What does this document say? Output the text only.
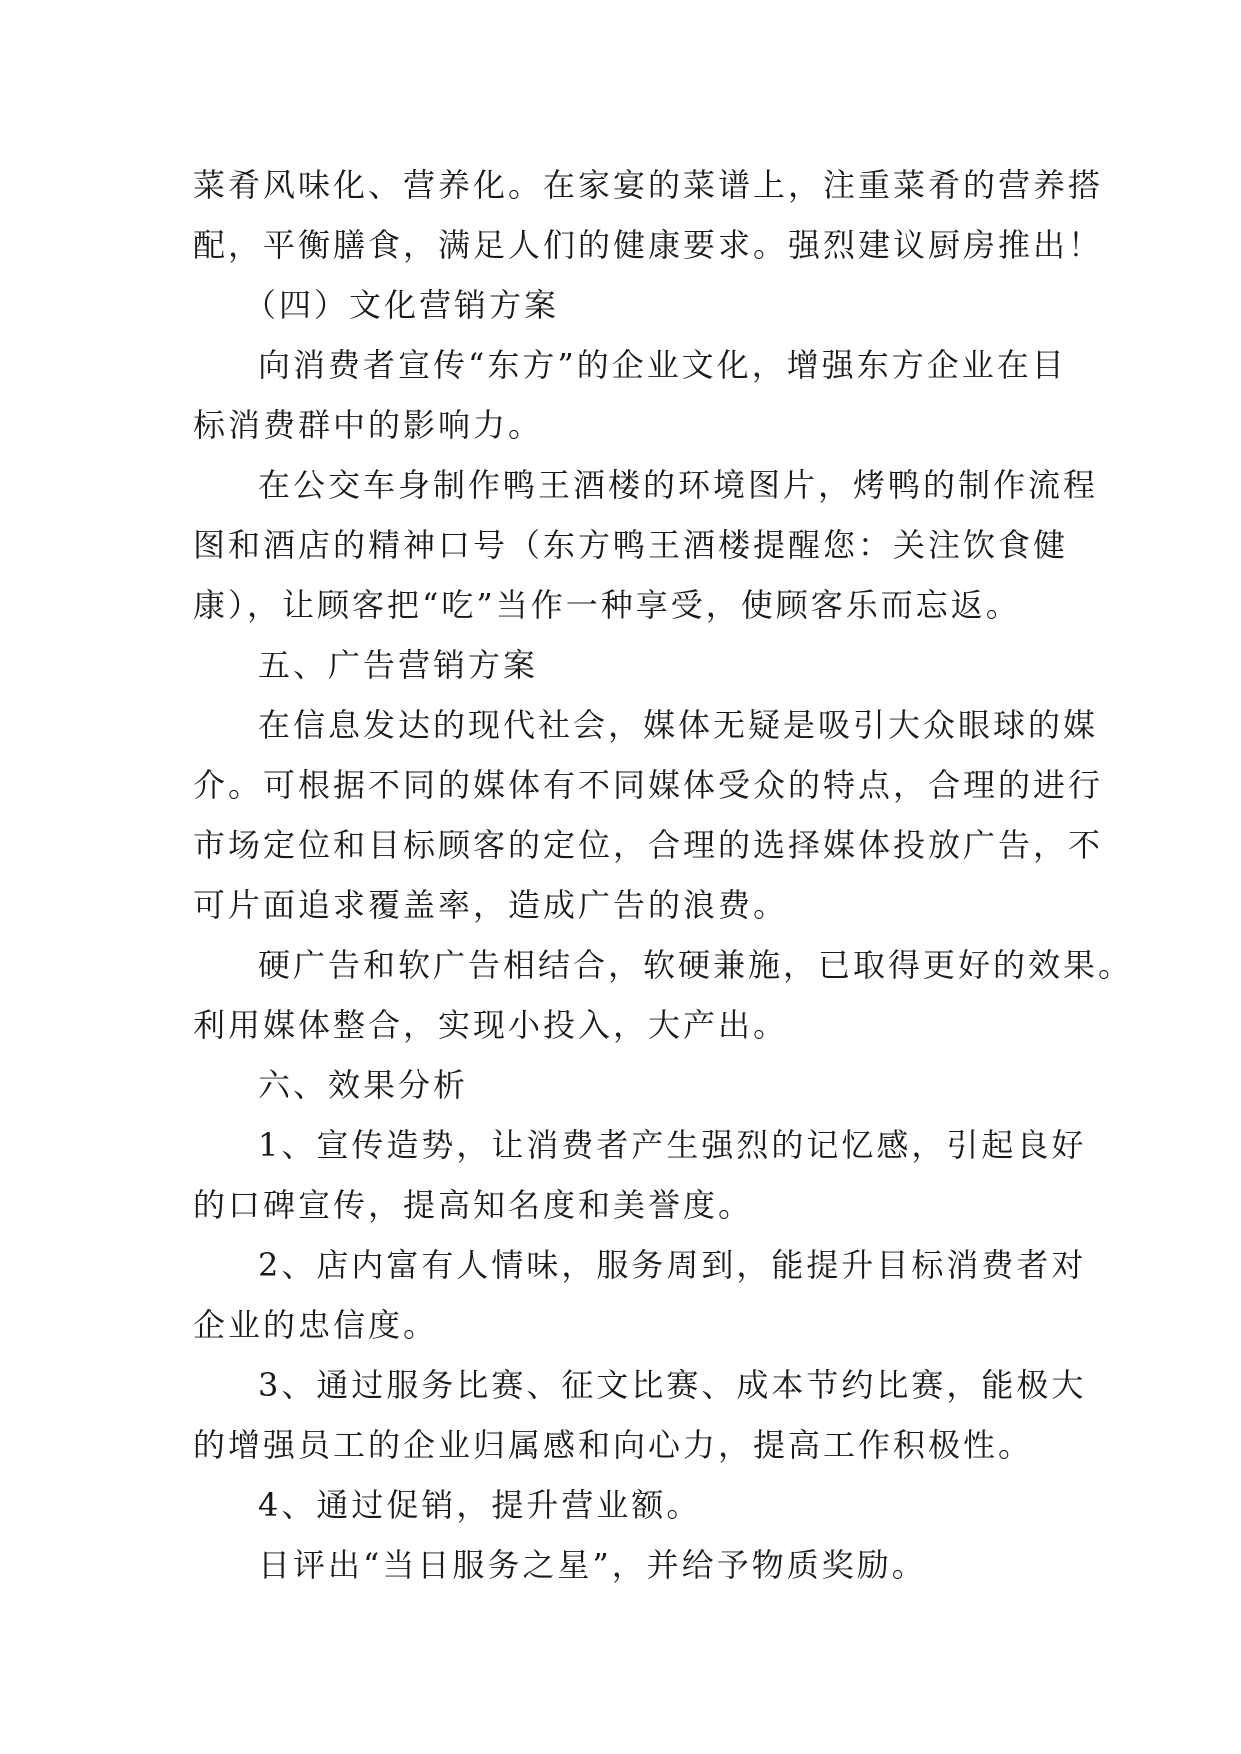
菜肴风味化、营养化。在家宴的菜谱上，注重菜肴的营养搭
配，平衡膳食，满足人们的健康要求。强烈建议厨房推出！
（四）文化营销方案
向消费者宣传“东方”的企业文化，增强东方企业在目
标消费群中的影响力。
在公交车身制作鸭王酒楼的环境图片，烤鸭的制作流程
图和酒店的精神口号（东方鸭王酒楼提醒您：关注饮食健
康），让顾客把“吃”当作一种享受，使顾客乐而忘返。
五、广告营销方案
在信息发达的现代社会，媒体无疑是吸引大众眼球的媒
介。可根据不同的媒体有不同媒体受众的特点，合理的进行
市场定位和目标顾客的定位，合理的选择媒体投放广告，不
可片面追求覆盖率，造成广告的浪费。
硬广告和软广告相结合，软硬兼施，已取得更好的效果。
利用媒体整合，实现小投入，大产出。
六、效果分析
1、宣传造势，让消费者产生强烈的记忆感，引起良好
的口碑宣传，提高知名度和美誉度。
2、店内富有人情味，服务周到，能提升目标消费者对
企业的忠信度。
3、通过服务比赛、征文比赛、成本节约比赛，能极大
的增强员工的企业归属感和向心力，提高工作积极性。
4、通过促销，提升营业额。
日评出“当日服务之星”，并给予物质奖励。
